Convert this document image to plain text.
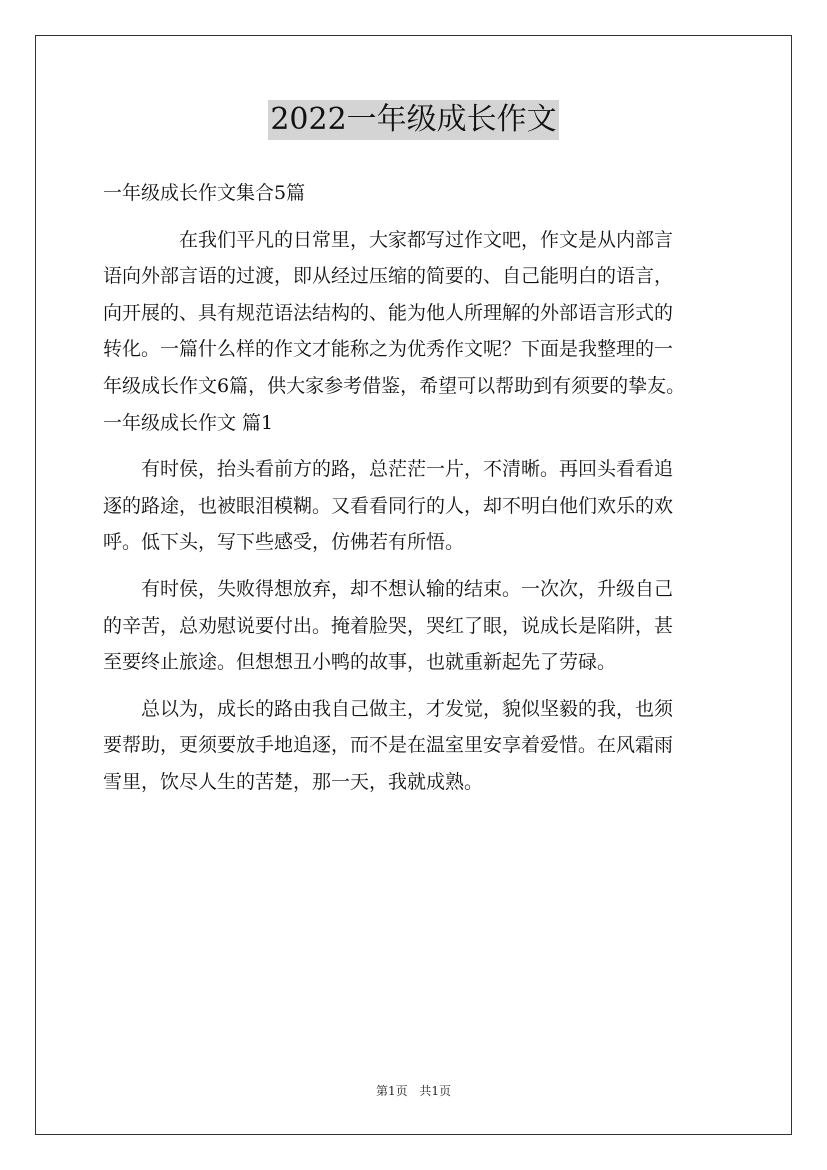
2022一年级成长作文
一年级成长作文集合5篇
　　　　在我们平凡的日常里，大家都写过作文吧，作文是从内部言
语向外部言语的过渡，即从经过压缩的简要的、自己能明白的语言，
向开展的、具有规范语法结构的、能为他人所理解的外部语言形式的
转化。一篇什么样的作文才能称之为优秀作文呢？下面是我整理的一
年级成长作文6篇，供大家参考借鉴，希望可以帮助到有须要的挚友。
一年级成长作文 篇1
　　有时侯，抬头看前方的路，总茫茫一片，不清晰。再回头看看追
逐的路途，也被眼泪模糊。又看看同行的人，却不明白他们欢乐的欢
呼。低下头，写下些感受，仿佛若有所悟。
　　有时侯，失败得想放弃，却不想认输的结束。一次次，升级自己
的辛苦，总劝慰说要付出。掩着脸哭，哭红了眼，说成长是陷阱，甚
至要终止旅途。但想想丑小鸭的故事，也就重新起先了劳碌。
　　总以为，成长的路由我自己做主，才发觉，貌似坚毅的我，也须
要帮助，更须要放手地追逐，而不是在温室里安享着爱惜。在风霜雨
雪里，饮尽人生的苦楚，那一天，我就成熟。
第1页 共1页
